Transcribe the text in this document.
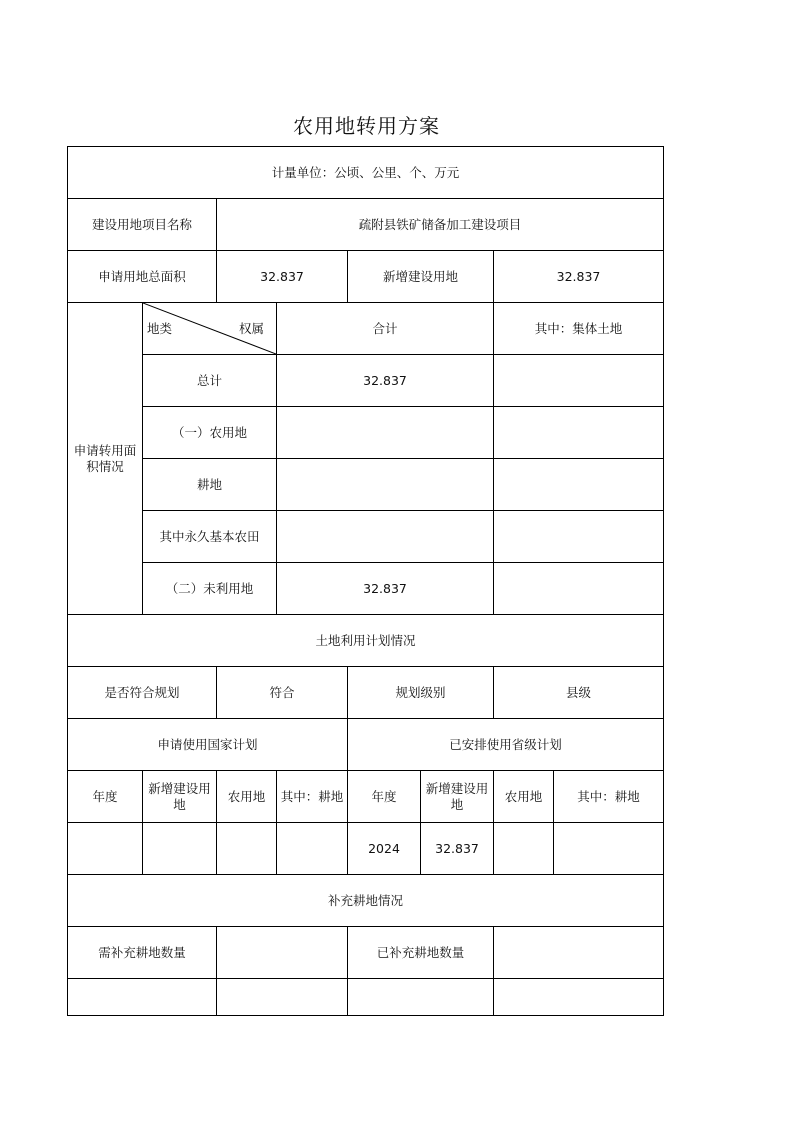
农用地转用方案
计量单位：公顷、公里、个、万元							
建设用地项目名称		疏附县铁矿储备加工建设项目					
申请用地总面积		32.837		新增建设用地		32.837	
申请转用面积情况	地类 权属		合计			其中：集体土地	
	总计		32.837				
	（一）农用地						
	耕地						
	其中永久基本农田						
	（二）未利用地		32.837				
土地利用计划情况							
是否符合规划		符合		规划级别		县级	
申请使用国家计划				已安排使用省级计划			
年度	新增建设用地	农用地	其中：耕地	年度	新增建设用地	农用地	其中：耕地
				2024	32.837		
补充耕地情况							
需补充耕地数量				已补充耕地数量			
